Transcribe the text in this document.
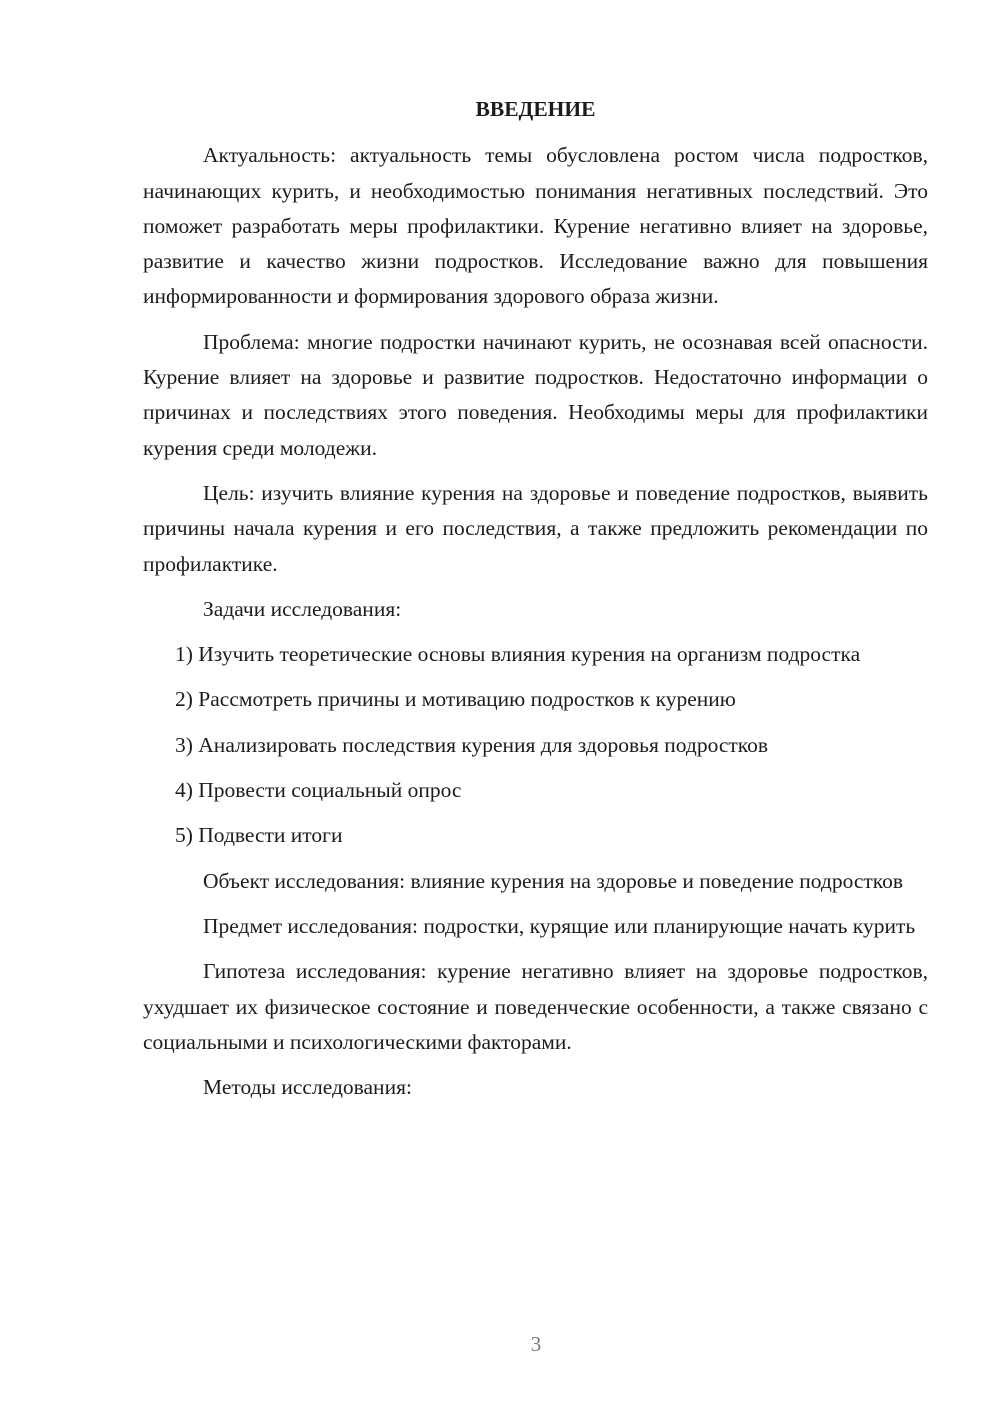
ВВЕДЕНИЕ

Актуальность: актуальность темы обусловлена ростом числа подростков, начинающих курить, и необходимостью понимания негативных последствий. Это поможет разработать меры профилактики. Курение негативно влияет на здоровье, развитие и качество жизни подростков. Исследование важно для повышения информированности и формирования здорового образа жизни.

Проблема: многие подростки начинают курить, не осознавая всей опасности. Курение влияет на здоровье и развитие подростков. Недостаточно информации о причинах и последствиях этого поведения. Необходимы меры для профилактики курения среди молодежи.

Цель: изучить влияние курения на здоровье и поведение подростков, выявить причины начала курения и его последствия, а также предложить рекомендации по профилактике.

Задачи исследования:

1) Изучить теоретические основы влияния курения на организм подростка

2) Рассмотреть причины и мотивацию подростков к курению

3) Анализировать последствия курения для здоровья подростков

4) Провести социальный опрос

5) Подвести итоги

Объект исследования: влияние курения на здоровье и поведение подростков

Предмет исследования: подростки, курящие или планирующие начать курить

Гипотеза исследования: курение негативно влияет на здоровье подростков, ухудшает их физическое состояние и поведенческие особенности, а также связано с социальными и психологическими факторами.

Методы исследования:

3
